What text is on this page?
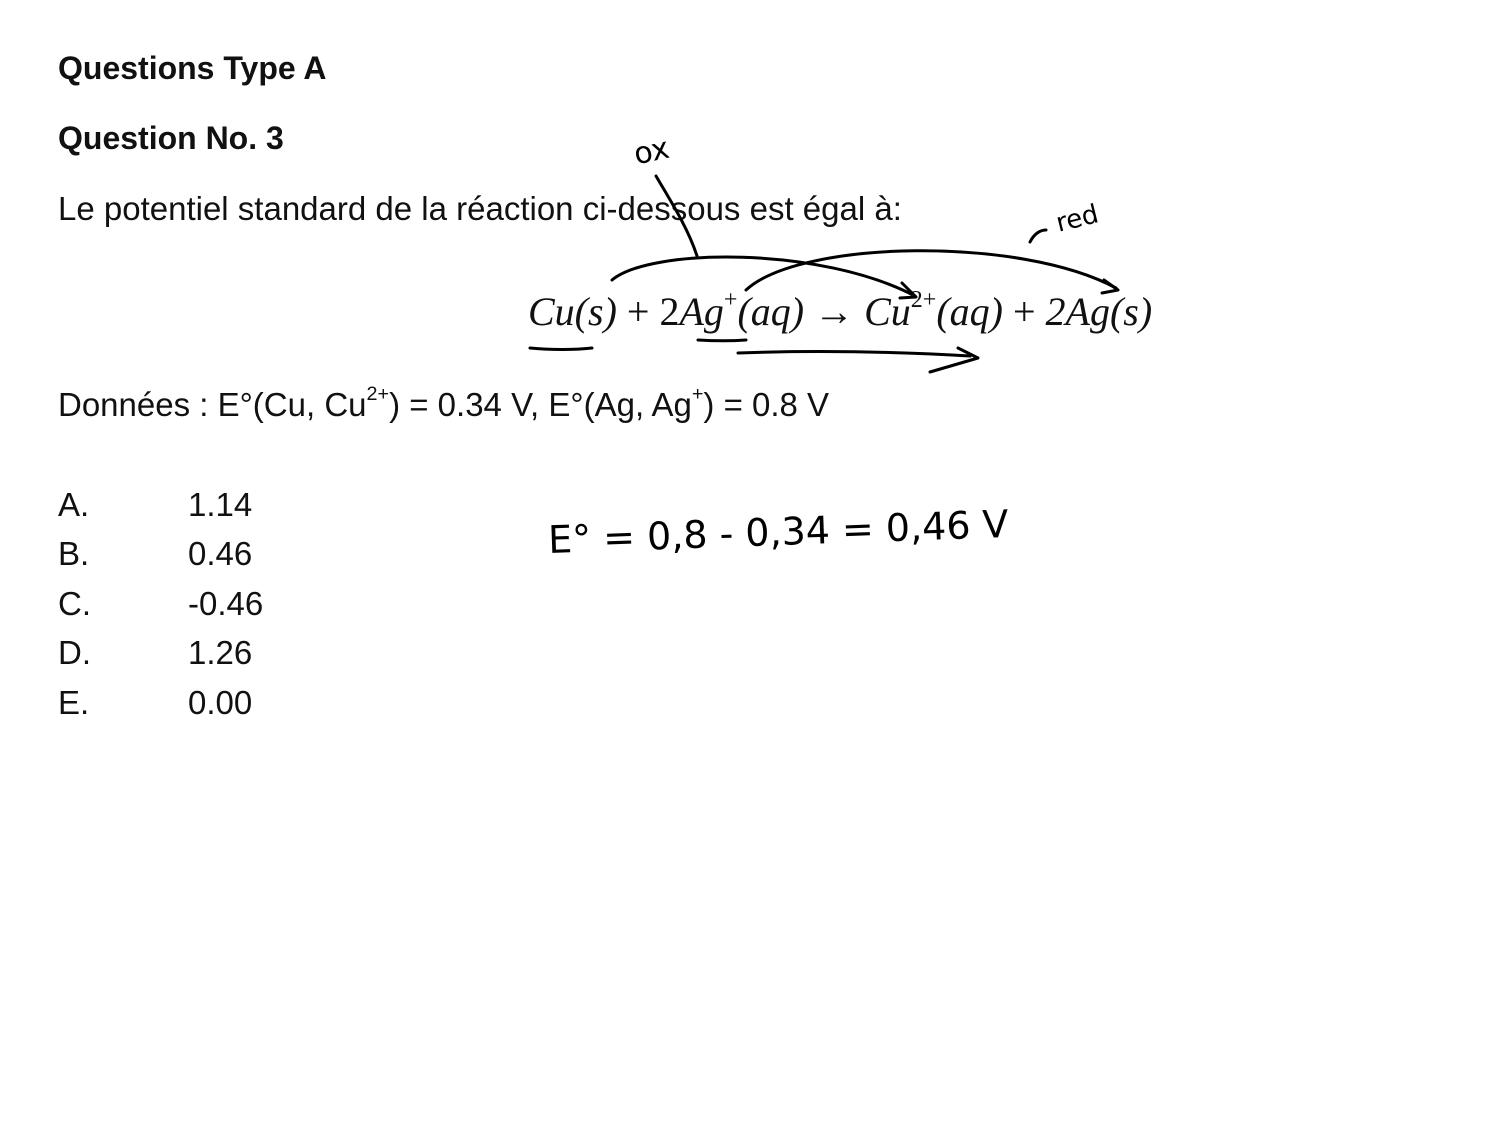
Questions Type A
Question No. 3
Le potentiel standard de la réaction ci-dessous est égal à:
$Cu(s) + 2Ag^+(aq) \to Cu^{2+}(aq) + 2Ag(s)$
Données : E°(Cu, $Cu^{2+}) = 0.34$ V, E°(Ag, Ag+) = 0.8 V
A.	1.14
B.	0.46
C.	-0.46
D.	1.26
E.	0.00
ox
red
E° = 0,8 - 0,34 = 0,46 V
